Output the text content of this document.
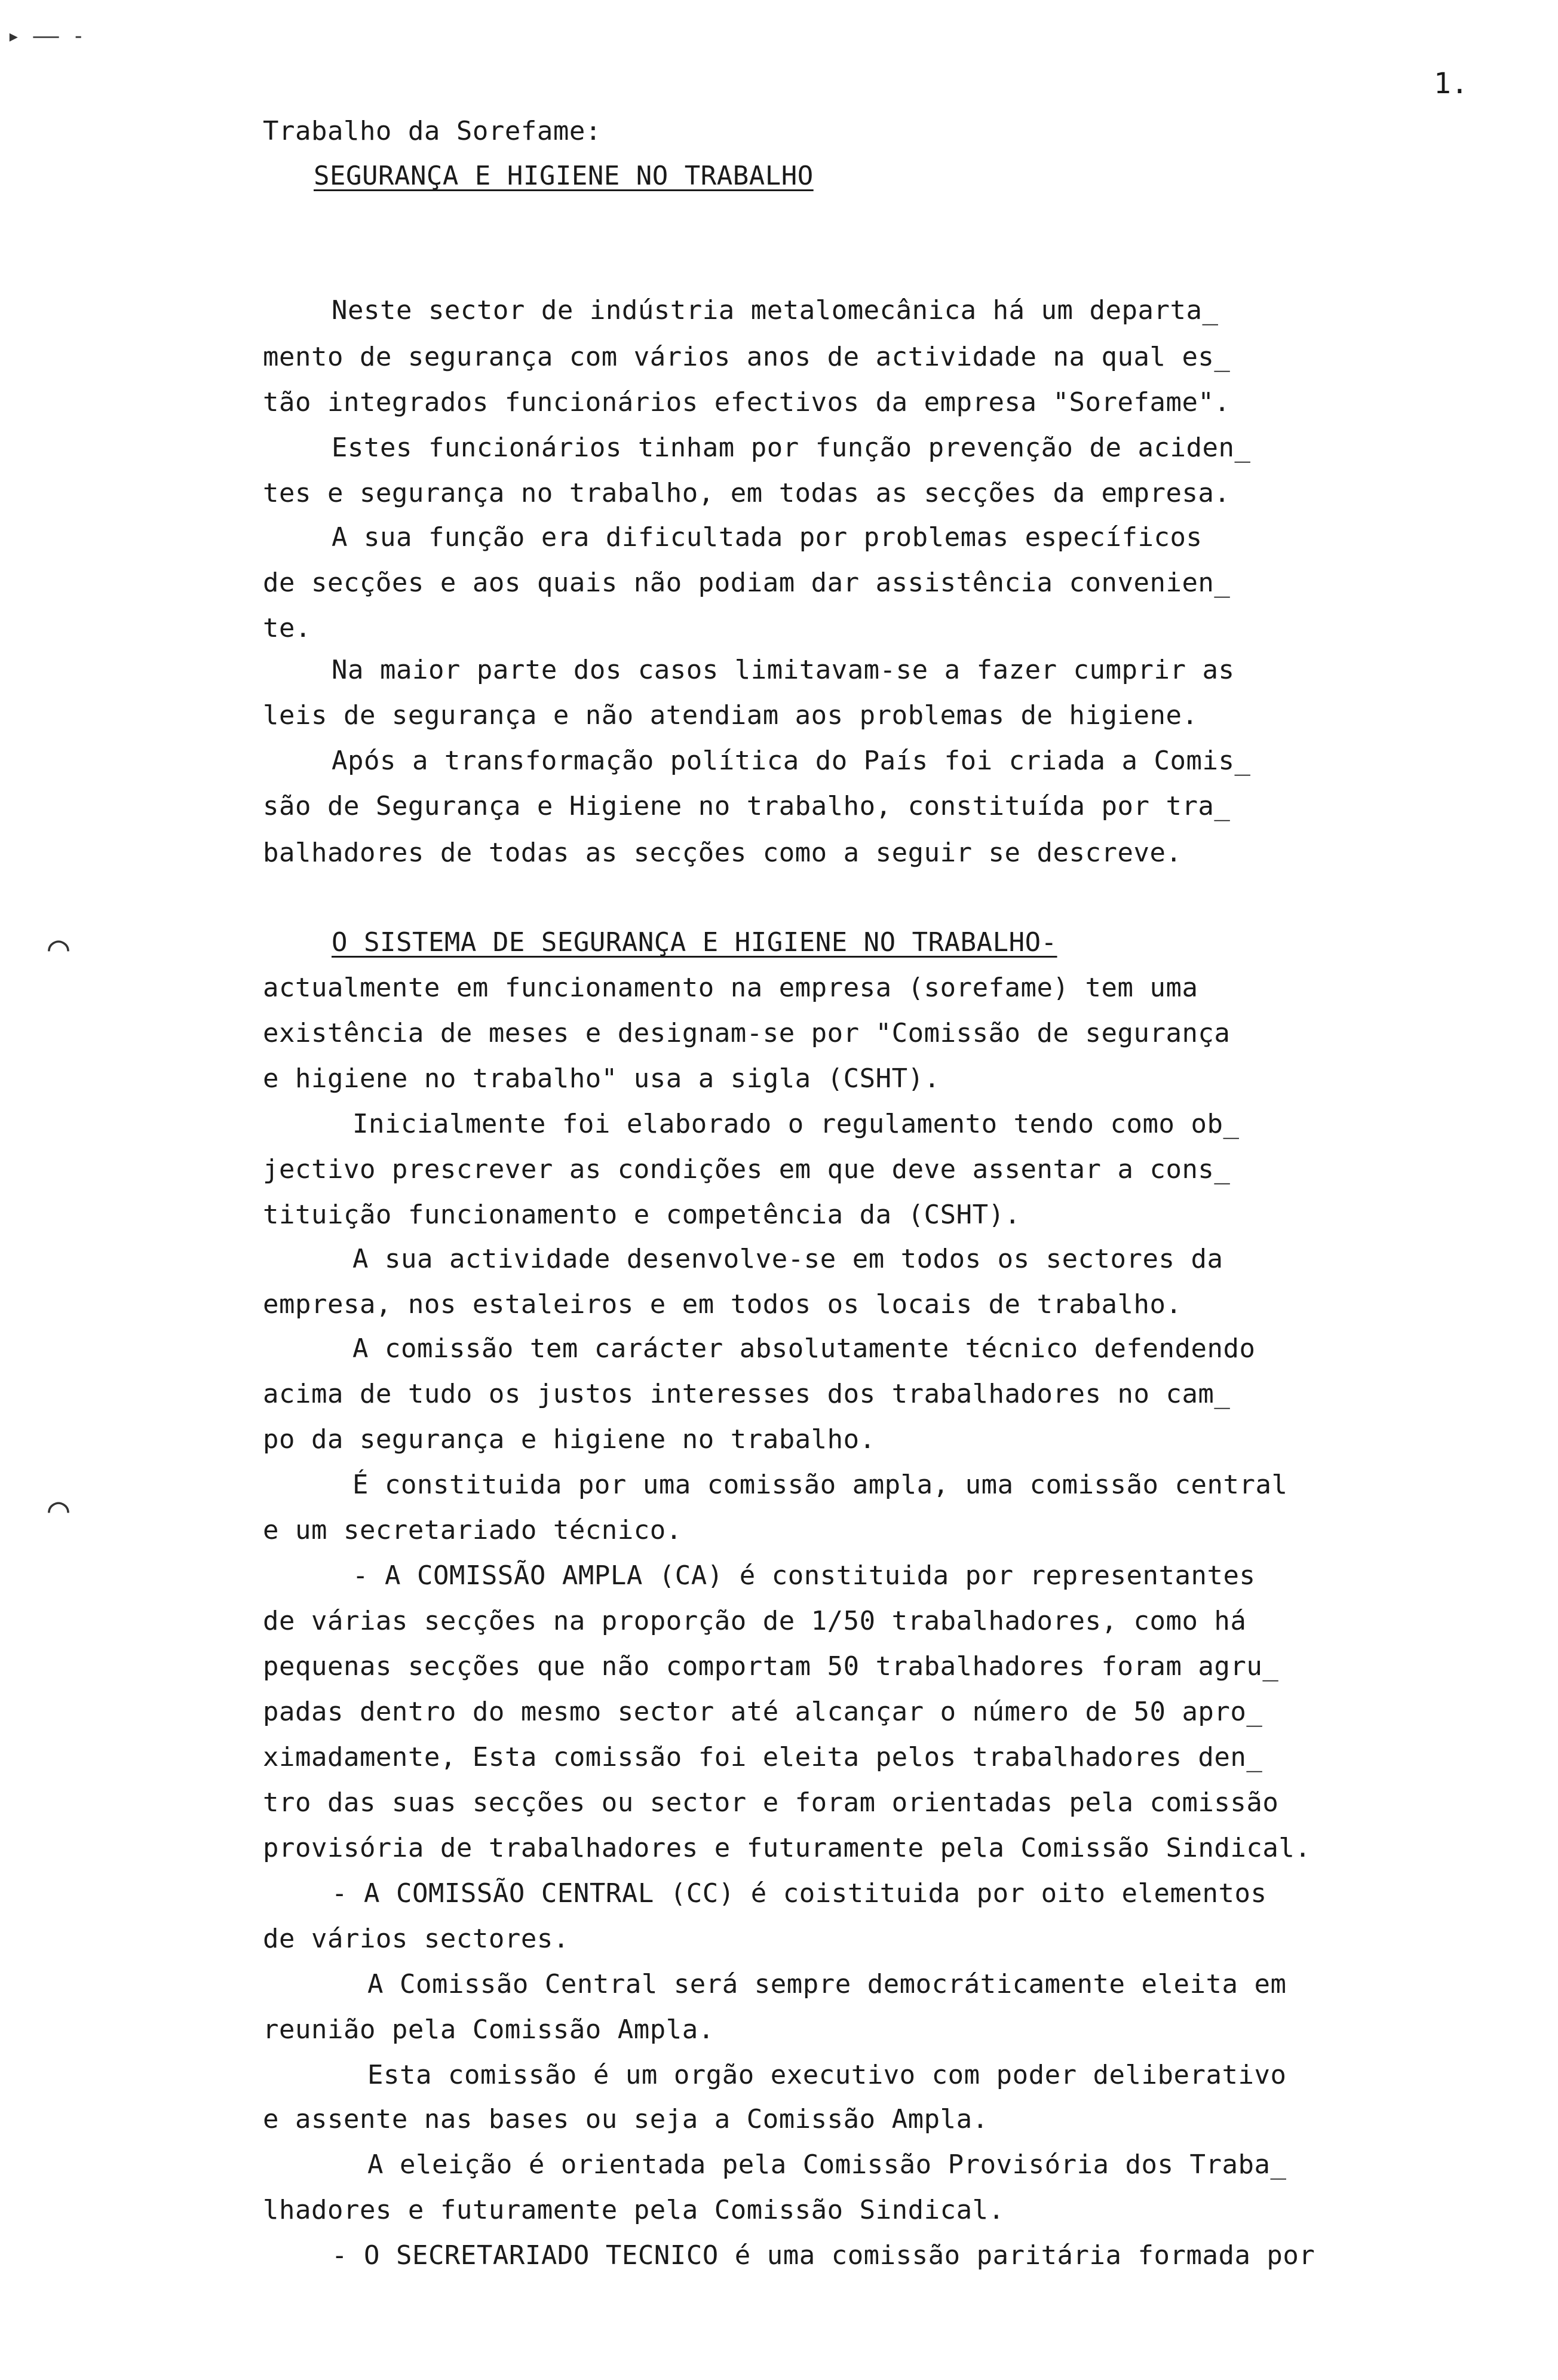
1.
▸ —— -
⌒
⌒
Trabalho da Sorefame:
SEGURANÇA E HIGIENE NO TRABALHO
Neste sector de indústria metalomecânica há um departa_
mento de segurança com vários anos de actividade na qual es_
tão integrados funcionários efectivos da empresa "Sorefame".
Estes funcionários tinham por função prevenção de aciden_
tes e segurança no trabalho, em todas as secções da empresa.
A sua função era dificultada por problemas específicos
de secções e aos quais não podiam dar assistência convenien_
te.
Na maior parte dos casos limitavam-se a fazer cumprir as
leis de segurança e não atendiam aos problemas de higiene.
Após a transformação política do País foi criada a Comis_
são de Segurança e Higiene no trabalho, constituída por tra_
balhadores de todas as secções como a seguir se descreve.
O SISTEMA DE SEGURANÇA E HIGIENE NO TRABALHO-
actualmente em funcionamento na empresa (sorefame) tem uma
existência de meses e designam-se por "Comissão de segurança
e higiene no trabalho" usa a sigla (CSHT).
Inicialmente foi elaborado o regulamento tendo como ob_
jectivo prescrever as condições em que deve assentar a cons_
tituição funcionamento e competência da (CSHT).
A sua actividade desenvolve-se em todos os sectores da
empresa, nos estaleiros e em todos os locais de trabalho.
A comissão tem carácter absolutamente técnico defendendo
acima de tudo os justos interesses dos trabalhadores no cam_
po da segurança e higiene no trabalho.
É constituida por uma comissão ampla, uma comissão central
e um secretariado técnico.
- A COMISSÃO AMPLA (CA) é constituida por representantes
de várias secções na proporção de 1/50 trabalhadores, como há
pequenas secções que não comportam 50 trabalhadores foram agru_
padas dentro do mesmo sector até alcançar o número de 50 apro_
ximadamente, Esta comissão foi eleita pelos trabalhadores den_
tro das suas secções ou sector e foram orientadas pela comissão
provisória de trabalhadores e futuramente pela Comissão Sindical.
- A COMISSÃO CENTRAL (CC) é coistituida por oito elementos
de vários sectores.
A Comissão Central será sempre democráticamente eleita em
reunião pela Comissão Ampla.
Esta comissão é um orgão executivo com poder deliberativo
e assente nas bases ou seja a Comissão Ampla.
A eleição é orientada pela Comissão Provisória dos Traba_
lhadores e futuramente pela Comissão Sindical.
- O SECRETARIADO TECNICO é uma comissão paritária formada por
